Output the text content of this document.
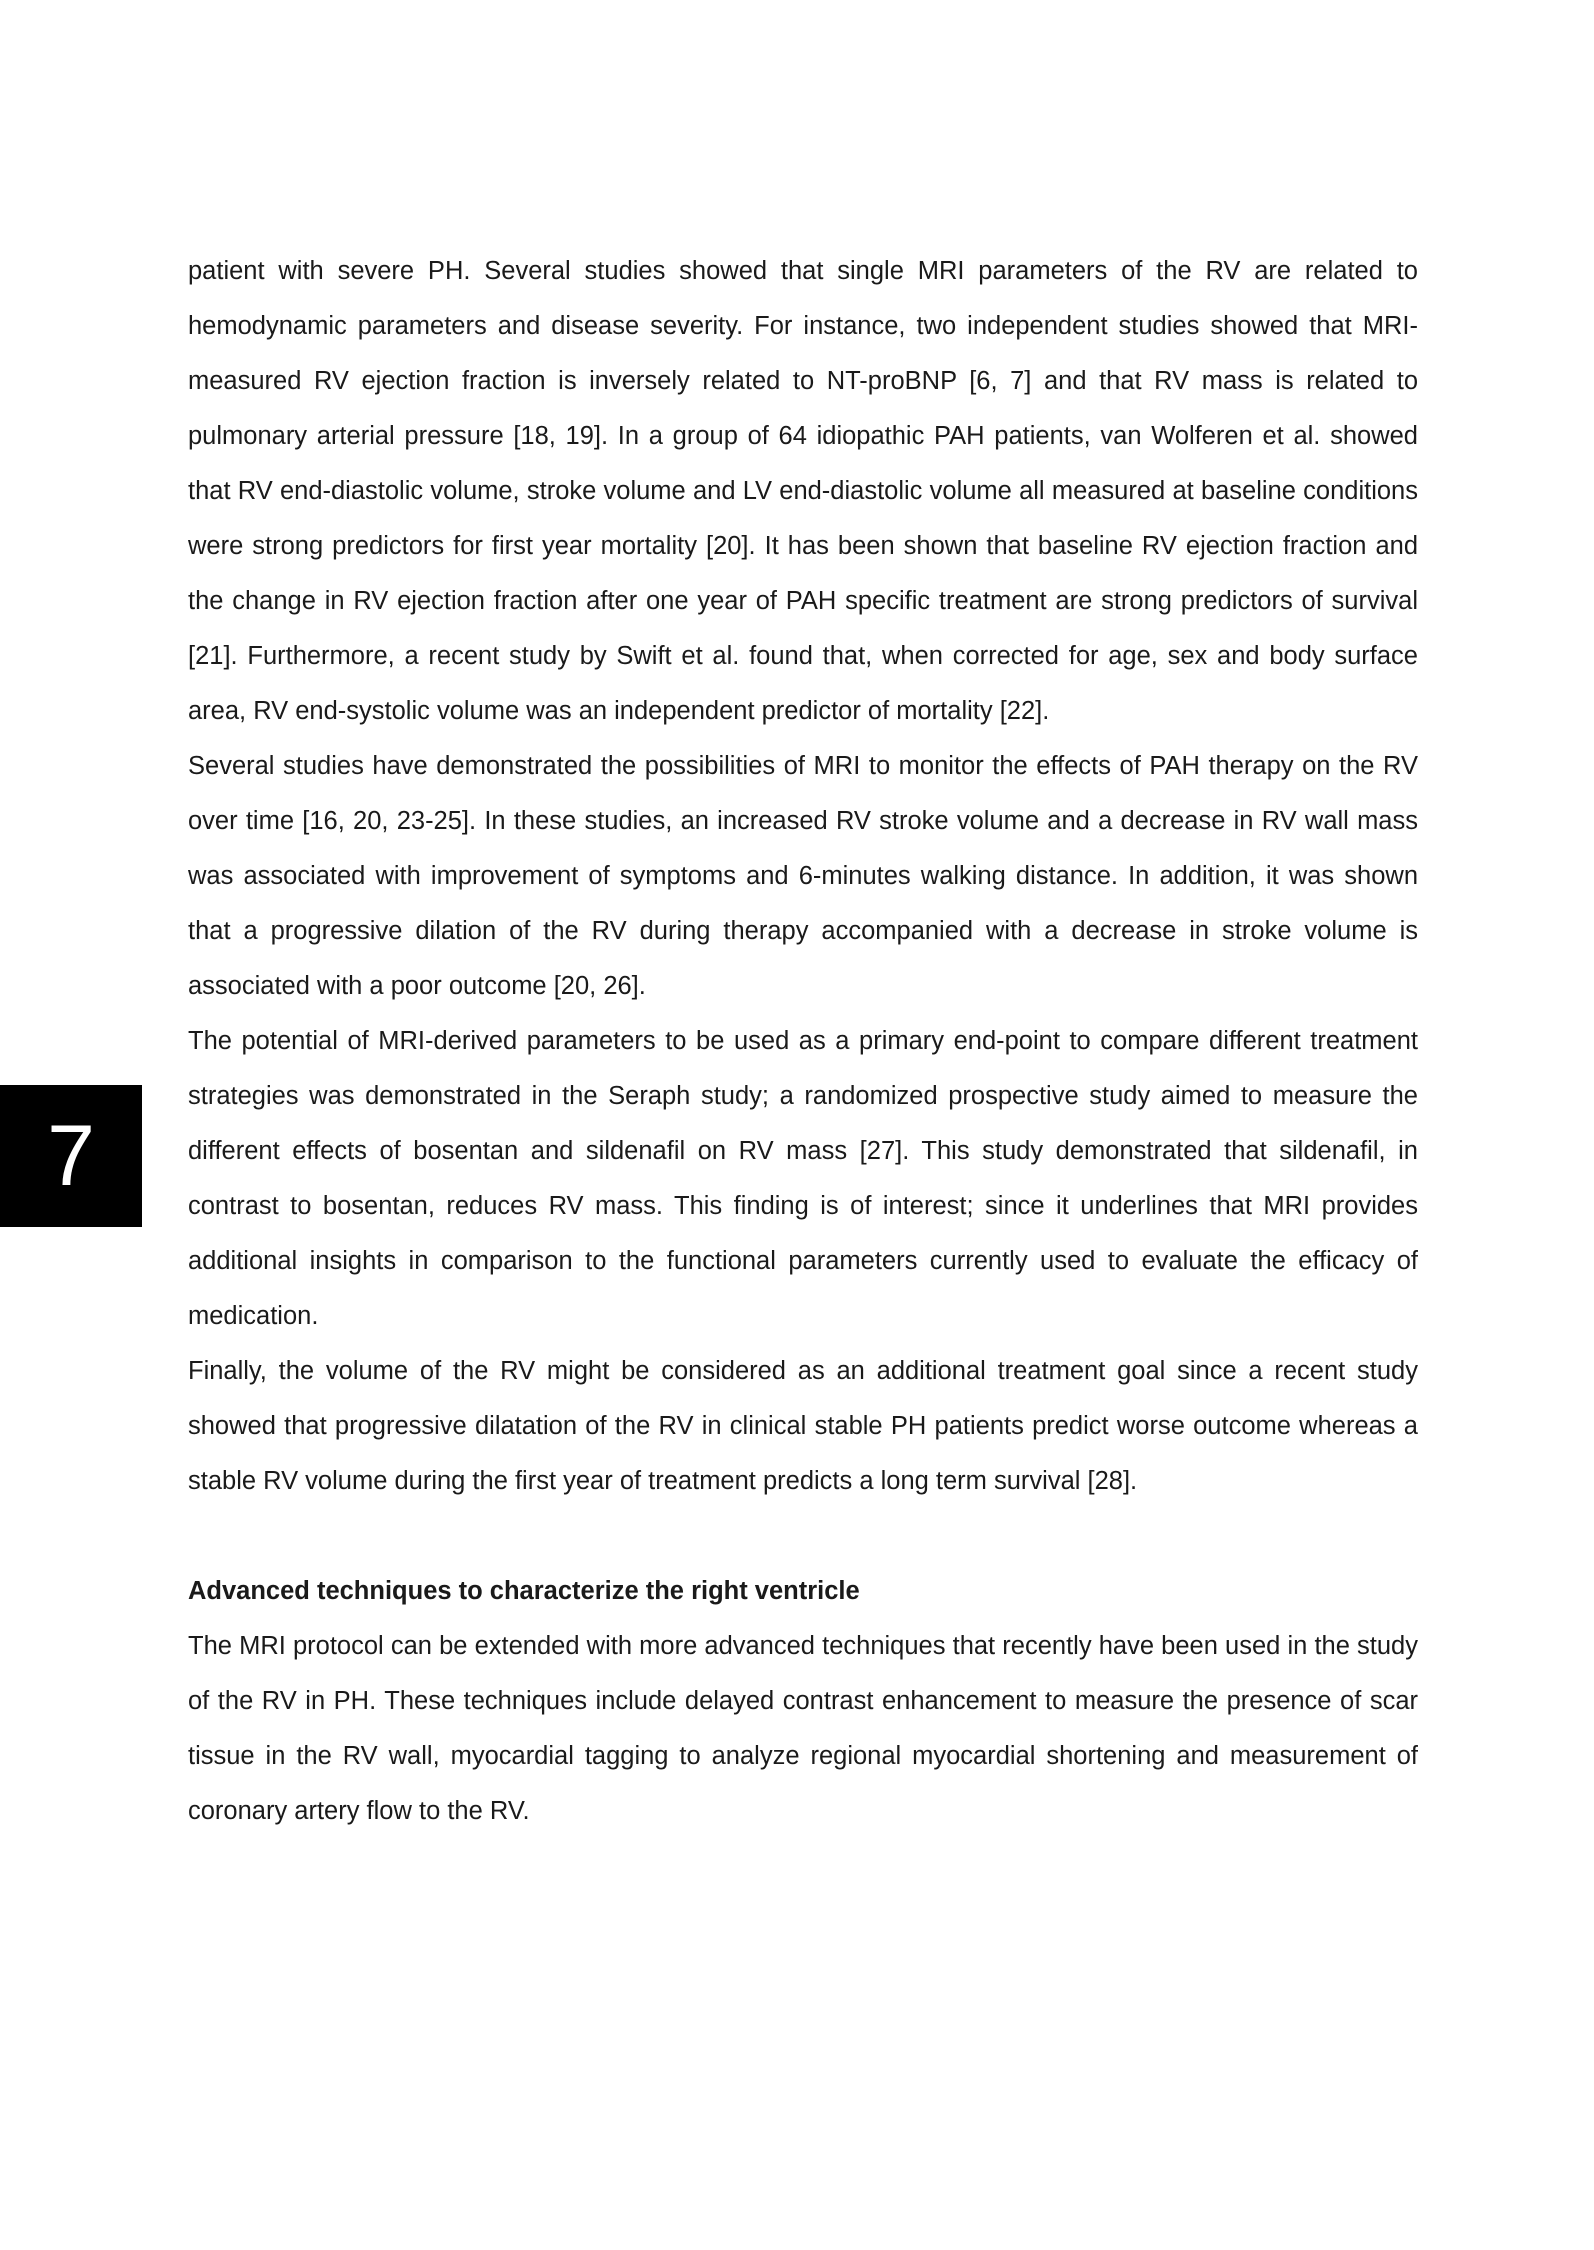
7

patient with severe PH. Several studies showed that single MRI parameters of the RV are related to hemodynamic parameters and disease severity. For instance, two independent studies showed that MRI-measured RV ejection fraction is inversely related to NT-proBNP [6, 7] and that RV mass is related to pulmonary arterial pressure [18, 19]. In a group of 64 idiopathic PAH patients, van Wolferen et al. showed that RV end-diastolic volume, stroke volume and LV end-diastolic volume all measured at baseline conditions were strong predictors for first year mortality [20]. It has been shown that baseline RV ejection fraction and the change in RV ejection fraction after one year of PAH specific treatment are strong predictors of survival [21]. Furthermore, a recent study by Swift et al. found that, when corrected for age, sex and body surface area, RV end-systolic volume was an independent predictor of mortality [22].

Several studies have demonstrated the possibilities of MRI to monitor the effects of PAH therapy on the RV over time [16, 20, 23-25]. In these studies, an increased RV stroke volume and a decrease in RV wall mass was associated with improvement of symptoms and 6-minutes walking distance. In addition, it was shown that a progressive dilation of the RV during therapy accompanied with a decrease in stroke volume is associated with a poor outcome [20, 26].

The potential of MRI-derived parameters to be used as a primary end-point to compare different treatment strategies was demonstrated in the Seraph study; a randomized prospective study aimed to measure the different effects of bosentan and sildenafil on RV mass [27]. This study demonstrated that sildenafil, in contrast to bosentan, reduces RV mass. This finding is of interest; since it underlines that MRI provides additional insights in comparison to the functional parameters currently used to evaluate the efficacy of medication.

Finally, the volume of the RV might be considered as an additional treatment goal since a recent study showed that progressive dilatation of the RV in clinical stable PH patients predict worse outcome whereas a stable RV volume during the first year of treatment predicts a long term survival [28].

Advanced techniques to characterize the right ventricle

The MRI protocol can be extended with more advanced techniques that recently have been used in the study of the RV in PH. These techniques include delayed contrast enhancement to measure the presence of scar tissue in the RV wall, myocardial tagging to analyze regional myocardial shortening and measurement of coronary artery flow to the RV.
